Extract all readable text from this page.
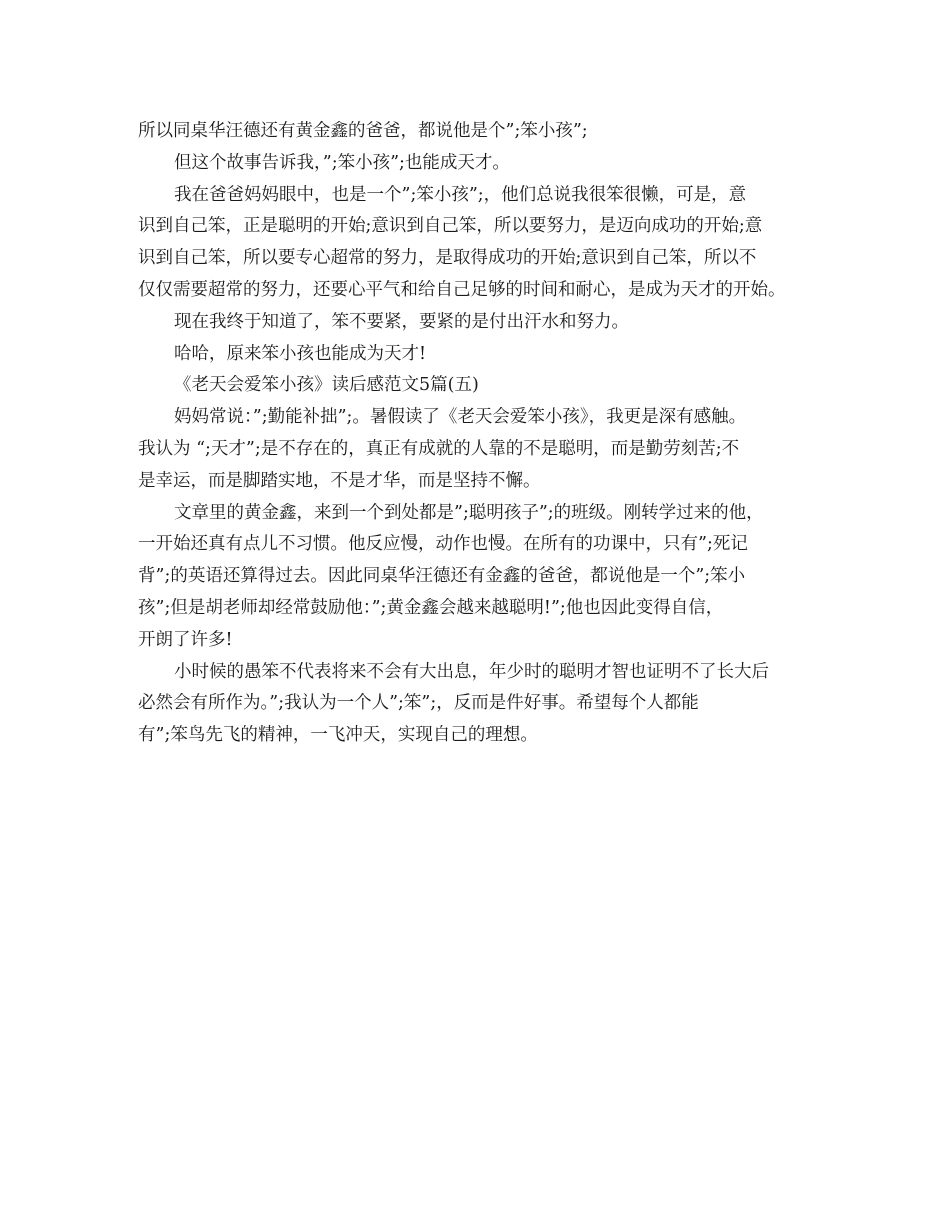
所以同桌华汪德还有黄金鑫的爸爸，都说他是个”;笨小孩”;
但这个故事告诉我，”;笨小孩”;也能成天才。
我在爸爸妈妈眼中，也是一个”;笨小孩”;，他们总说我很笨很懒，可是，意
识到自己笨，正是聪明的开始;意识到自己笨，所以要努力，是迈向成功的开始;意
识到自己笨，所以要专心超常的努力，是取得成功的开始;意识到自己笨，所以不
仅仅需要超常的努力，还要心平气和给自己足够的时间和耐心，是成为天才的开始。
现在我终于知道了，笨不要紧，要紧的是付出汗水和努力。
哈哈，原来笨小孩也能成为天才!
《老天会爱笨小孩》读后感范文5篇(五)
妈妈常说：”;勤能补拙”;。暑假读了《老天会爱笨小孩》，我更是深有感触。
我认为 “;天才”;是不存在的，真正有成就的人靠的不是聪明，而是勤劳刻苦;不
是幸运，而是脚踏实地，不是才华，而是坚持不懈。
文章里的黄金鑫，来到一个到处都是”;聪明孩子”;的班级。刚转学过来的他，
一开始还真有点儿不习惯。他反应慢，动作也慢。在所有的功课中，只有”;死记
背”;的英语还算得过去。因此同桌华汪德还有金鑫的爸爸，都说他是一个”;笨小
孩”;但是胡老师却经常鼓励他：”;黄金鑫会越来越聪明!”;他也因此变得自信，
开朗了许多!
小时候的愚笨不代表将来不会有大出息，年少时的聪明才智也证明不了长大后
必然会有所作为。”;我认为一个人”;笨”;，反而是件好事。希望每个人都能
有”;笨鸟先飞的精神，一飞冲天，实现自己的理想。
